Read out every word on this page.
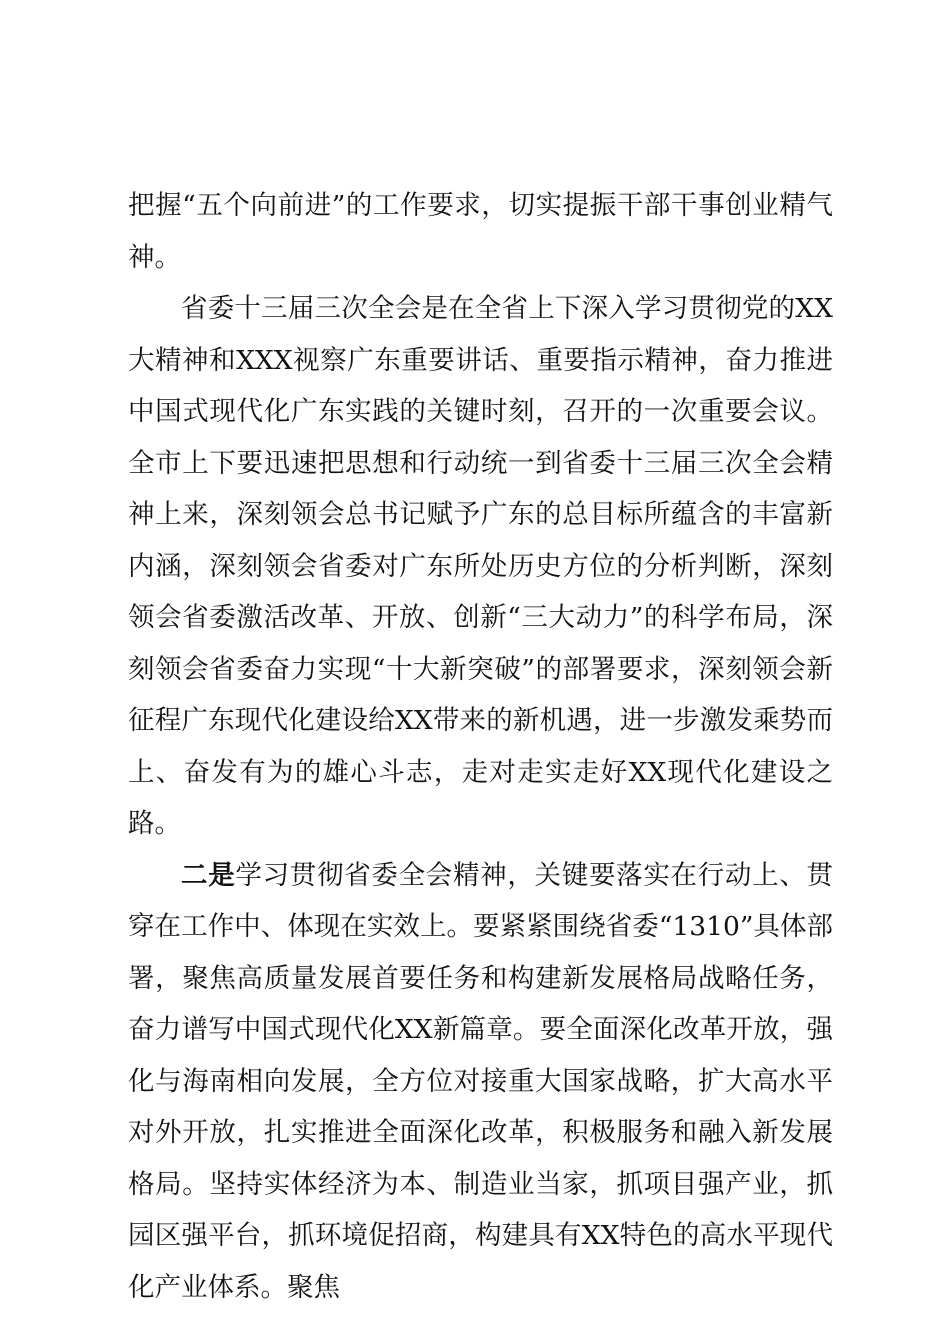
把握“五个向前进”的工作要求，切实提振干部干事创业精气神。

省委十三届三次全会是在全省上下深入学习贯彻党的XX大精神和XXX视察广东重要讲话、重要指示精神，奋力推进中国式现代化广东实践的关键时刻，召开的一次重要会议。全市上下要迅速把思想和行动统一到省委十三届三次全会精神上来，深刻领会总书记赋予广东的总目标所蕴含的丰富新内涵，深刻领会省委对广东所处历史方位的分析判断，深刻领会省委激活改革、开放、创新“三大动力”的科学布局，深刻领会省委奋力实现“十大新突破”的部署要求，深刻领会新征程广东现代化建设给XX带来的新机遇，进一步激发乘势而上、奋发有为的雄心斗志，走对走实走好XX现代化建设之路。

二是学习贯彻省委全会精神，关键要落实在行动上、贯穿在工作中、体现在实效上。要紧紧围绕省委“1310”具体部署，聚焦高质量发展首要任务和构建新发展格局战略任务，奋力谱写中国式现代化XX新篇章。要全面深化改革开放，强化与海南相向发展，全方位对接重大国家战略，扩大高水平对外开放，扎实推进全面深化改革，积极服务和融入新发展格局。坚持实体经济为本、制造业当家，抓项目强产业，抓园区强平台，抓环境促招商，构建具有XX特色的高水平现代化产业体系。聚焦
